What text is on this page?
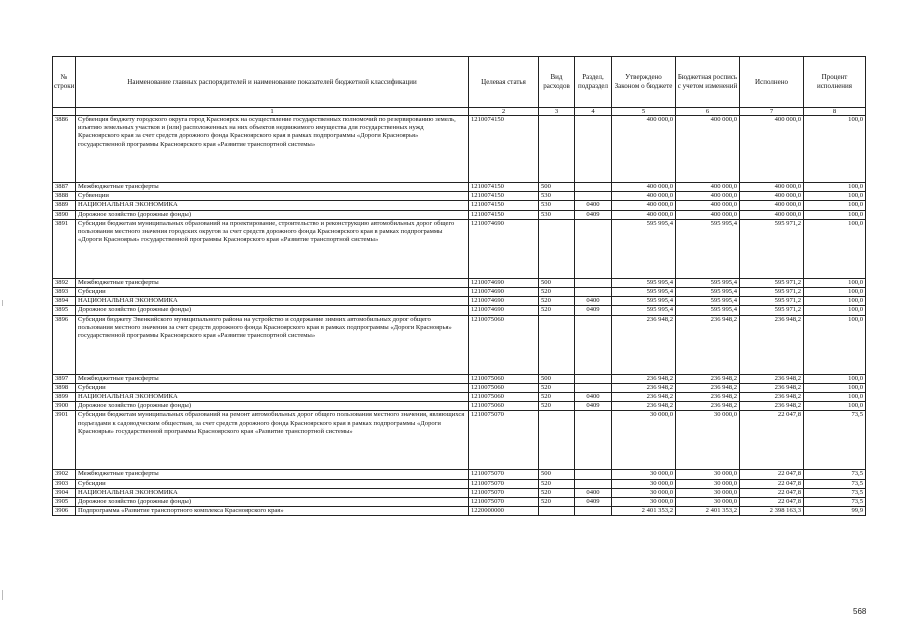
№ строки	Наименование главных распорядителей и наименование показателей бюджетной классификации	Целевая статья	Вид расходов	Раздел, подраздел	Утверждено Законом о бюджете	Бюджетная роспись с учетом изменений	Исполнено	Процент исполнения
	1	2	3	4	5	6	7	8
3886	Субвенция бюджету городского округа город Красноярск на осуществление государственных полномочий по резервированию земель, изъятию земельных участков и (или) расположенных на них объектов недвижимого имущества для государственных нужд Красноярского края за счет средств дорожного фонда Красноярского края в рамках подпрограммы «Дороги Красноярья» государственной программы Красноярского края «Развитие транспортной системы»	1210074150			400 000,0	400 000,0	400 000,0	100,0
3887	Межбюджетные трансферты	1210074150	500		400 000,0	400 000,0	400 000,0	100,0
3888	Субвенции	1210074150	530		400 000,0	400 000,0	400 000,0	100,0
3889	НАЦИОНАЛЬНАЯ ЭКОНОМИКА	1210074150	530	0400	400 000,0	400 000,0	400 000,0	100,0
3890	Дорожное хозяйство (дорожные фонды)	1210074150	530	0409	400 000,0	400 000,0	400 000,0	100,0
3891	Субсидии бюджетам муниципальных образований на проектирование, строительство и реконструкцию автомобильных дорог общего пользования местного значения городских округов за счет средств дорожного фонда Красноярского края в рамках подпрограммы «Дороги Красноярья» государственной программы Красноярского края «Развитие транспортной системы»	1210074690			595 995,4	595 995,4	595 971,2	100,0
3892	Межбюджетные трансферты	1210074690	500		595 995,4	595 995,4	595 971,2	100,0
3893	Субсидии	1210074690	520		595 995,4	595 995,4	595 971,2	100,0
3894	НАЦИОНАЛЬНАЯ ЭКОНОМИКА	1210074690	520	0400	595 995,4	595 995,4	595 971,2	100,0
3895	Дорожное хозяйство (дорожные фонды)	1210074690	520	0409	595 995,4	595 995,4	595 971,2	100,0
3896	Субсидия бюджету Эвенкийского муниципального района на устройство и содержание зимних автомобильных дорог общего пользования местного значения за счет средств дорожного фонда Красноярского края в рамках подпрограммы «Дороги Красноярья» государственной программы Красноярского края «Развитие транспортной системы»	1210075060			236 948,2	236 948,2	236 948,2	100,0
3897	Межбюджетные трансферты	1210075060	500		236 948,2	236 948,2	236 948,2	100,0
3898	Субсидии	1210075060	520		236 948,2	236 948,2	236 948,2	100,0
3899	НАЦИОНАЛЬНАЯ ЭКОНОМИКА	1210075060	520	0400	236 948,2	236 948,2	236 948,2	100,0
3900	Дорожное хозяйство (дорожные фонды)	1210075060	520	0409	236 948,2	236 948,2	236 948,2	100,0
3901	Субсидии бюджетам муниципальных образований на ремонт автомобильных дорог общего пользования местного значения, являющихся подъездами к садоводческим обществам, за счет средств дорожного фонда Красноярского края в рамках подпрограммы «Дороги Красноярья» государственной программы Красноярского края «Развитие транспортной системы»	1210075070			30 000,0	30 000,0	22 047,8	73,5
3902	Межбюджетные трансферты	1210075070	500		30 000,0	30 000,0	22 047,8	73,5
3903	Субсидии	1210075070	520		30 000,0	30 000,0	22 047,8	73,5
3904	НАЦИОНАЛЬНАЯ ЭКОНОМИКА	1210075070	520	0400	30 000,0	30 000,0	22 047,8	73,5
3905	Дорожное хозяйство (дорожные фонды)	1210075070	520	0409	30 000,0	30 000,0	22 047,8	73,5
3906	Подпрограмма «Развитие транспортного комплекса Красноярского края»	1220000000			2 401 353,2	2 401 353,2	2 398 163,3	99,9
568
